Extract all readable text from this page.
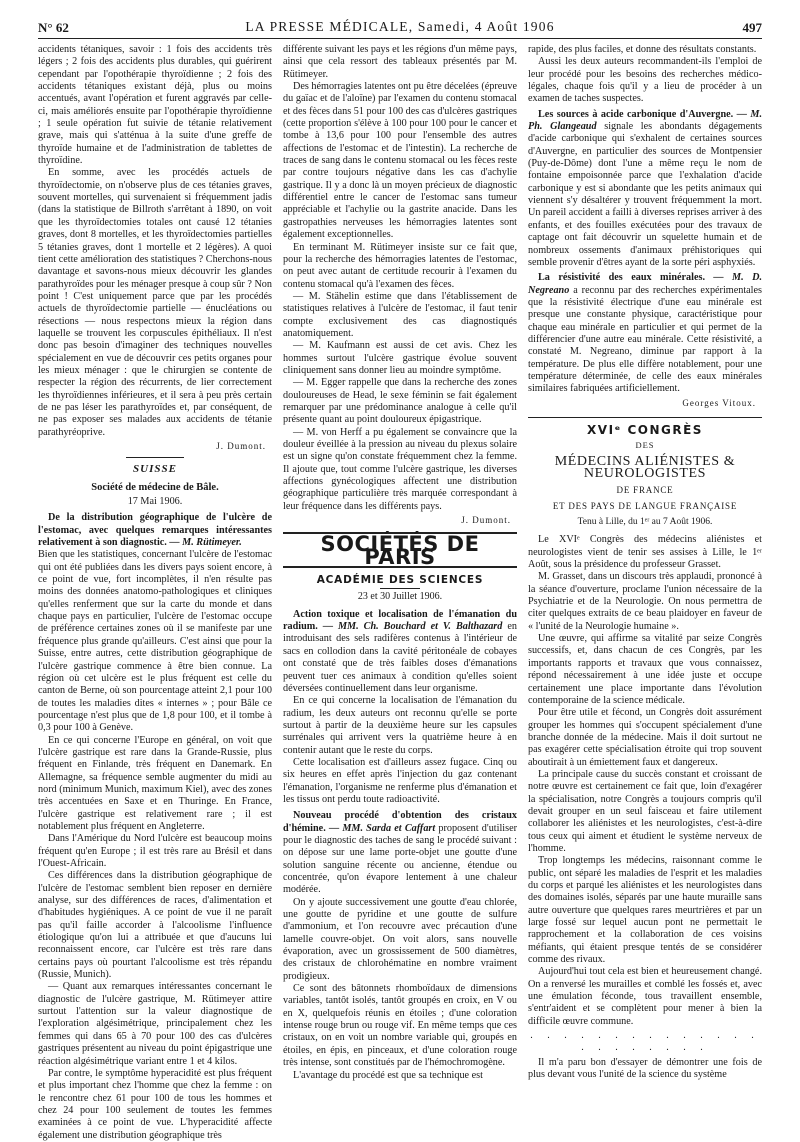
N° 62	LA PRESSE MÉDICALE, Samedi, 4 Août 1906	497

accidents tétaniques, savoir : 1 fois des accidents très légers ; 2 fois des accidents plus durables, qui guérirent cependant par l'opothérapie thyroïdienne ; 2 fois des accidents tétaniques existant déjà, plus ou moins accentués, avant l'opération et furent aggravés par celle-ci, mais améliorés ensuite par l'opothérapie thyroïdienne ; 1 seule opération fut suivie de tétanie relativement grave, mais qui s'atténua à la suite d'une greffe de thyroïde humaine et de l'administration de tablettes de thyroïdine.

En somme, avec les procédés actuels de thyroïdectomie, on n'observe plus de ces tétanies graves, souvent mortelles, qui survenaient si fréquemment jadis (dans la statistique de Billroth s'arrêtant à 1890, on voit que les thyroïdectomies totales ont causé 12 tétanies graves, dont 8 mortelles, et les thyroïdectomies partielles 5 tétanies graves, dont 1 mortelle et 2 légères). A quoi tient cette amélioration des statistiques ? Cherchons-nous davantage et savons-nous mieux découvrir les glandes parathyroïdes pour les ménager presque à coup sûr ? Non point ! C'est uniquement parce que par les procédés actuels de thyroïdectomie partielle — énucléations ou résections — nous respectons mieux la région dans laquelle se trouvent les corpuscules épithéliaux. Il n'est donc pas besoin d'imaginer des techniques nouvelles spécialement en vue de découvrir ces petits organes pour les mieux ménager : que le chirurgien se contente de respecter la région des récurrents, de lier correctement les thyroïdiennes inférieures, et il sera à peu près certain de ne pas léser les parathyroïdes et, par conséquent, de ne pas exposer ses malades aux accidents de tétanie parathyréoprive.

J. Dumont.
SUISSE
Société de médecine de Bâle.
17 Mai 1906.

De la distribution géographique de l'ulcère de l'estomac, avec quelques remarques intéressantes relativement à son diagnostic. — M. Rütimeyer.

Bien que les statistiques, concernant l'ulcère de l'estomac qui ont été publiées dans les divers pays soient encore, à ce point de vue, fort incomplètes, il n'en résulte pas moins des données anatomo-pathologiques et cliniques qu'elles renferment que sur la carte du monde et dans chaque pays en particulier, l'ulcère de l'estomac occupe de préférence certaines zones où il se manifeste par une fréquence plus grande qu'ailleurs. C'est ainsi que pour la Suisse, entre autres, cette distribution géographique de l'ulcère gastrique commence à être bien connue. La région où cet ulcère est le plus fréquent est celle du canton de Berne, où son pourcentage atteint 2,1 pour 100 de toutes les maladies dites « internes » ; pour Bâle ce pourcentage n'est plus que de 1,8 pour 100, et il tombe à 0,3 pour 100 à Genève.

En ce qui concerne l'Europe en général, on voit que l'ulcère gastrique est rare dans la Grande-Russie, plus fréquent en Finlande, très fréquent en Danemark. En Allemagne, sa fréquence semble augmenter du midi au nord (minimum Munich, maximum Kiel), avec des zones très accentuées en Saxe et en Thuringe. En France, l'ulcère gastrique est relativement rare ; il est notablement plus fréquent en Angleterre.

Dans l'Amérique du Nord l'ulcère est beaucoup moins fréquent qu'en Europe ; il est très rare au Brésil et dans l'Ouest-Africain.

Ces différences dans la distribution géographique de l'ulcère de l'estomac semblent bien reposer en dernière analyse, sur des différences de races, d'alimentation et d'habitudes hygiéniques. A ce point de vue il ne paraît pas qu'il faille accorder à l'alcoolisme l'influence étiologique qu'on lui a attribuée et que d'aucuns lui reconnaissent encore, car l'ulcère est très rare dans certains pays où pourtant l'alcoolisme est très répandu (Russie, Munich).

— Quant aux remarques intéressantes concernant le diagnostic de l'ulcère gastrique, M. Rütimeyer attire surtout l'attention sur la valeur diagnostique de l'exploration algésimétrique, principalement chez les femmes qui dans 65 à 70 pour 100 des cas d'ulcères gastriques présentent au niveau du point épigastrique une réaction algésimétrique variant entre 1 et 4 kilos.

Par contre, le symptôme hyperacidité est plus fréquent et plus important chez l'homme que chez la femme : on le rencontre chez 61 pour 100 de tous les hommes et chez 24 pour 100 seulement de toutes les femmes examinées à ce point de vue. L'hyperacidité affecte également une distribution géographique très

différente suivant les pays et les régions d'un même pays, ainsi que cela ressort des tableaux présentés par M. Rütimeyer.

Des hémorragies latentes ont pu être décelées (épreuve du gaïac et de l'aloïne) par l'examen du contenu stomacal et des fèces dans 51 pour 100 des cas d'ulcères gastriques (cette proportion s'élève à 100 pour 100 pour le cancer et tombe à 13,6 pour 100 pour l'ensemble des autres affections de l'estomac et de l'intestin). La recherche de traces de sang dans le contenu stomacal ou les fèces reste par contre toujours négative dans les cas d'achylie gastrique. Il y a donc là un moyen précieux de diagnostic différentiel entre le cancer de l'estomac sans tumeur appréciable et l'achylie ou la gastrite anacide. Dans les gastropathies nerveuses les hémorragies latentes sont également exceptionnelles.

En terminant M. Rütimeyer insiste sur ce fait que, pour la recherche des hémorragies latentes de l'estomac, on peut avec autant de certitude recourir à l'examen du contenu stomacal qu'à l'examen des fèces.

— M. Stähelin estime que dans l'établissement de statistiques relatives à l'ulcère de l'estomac, il faut tenir compte exclusivement des cas diagnostiqués anatomiquement.

— M. Kaufmann est aussi de cet avis. Chez les hommes surtout l'ulcère gastrique évolue souvent cliniquement sans donner lieu au moindre symptôme.

— M. Egger rappelle que dans la recherche des zones douloureuses de Head, le sexe féminin se fait également remarquer par une prédominance analogue à celle qu'il présente quant au point douloureux épigastrique.

— M. von Herff a pu également se convaincre que la douleur éveillée à la pression au niveau du plexus solaire est un signe qu'on constate fréquemment chez la femme. Il ajoute que, tout comme l'ulcère gastrique, les diverses affections gynécologiques affectent une distribution géographique particulière très marquée correspondant à leur fréquence dans les différents pays.

J. Dumont.
SOCIÉTÉS DE PARIS
ACADÉMIE DES SCIENCES
23 et 30 Juillet 1906.

Action toxique et localisation de l'émanation du radium. — MM. Ch. Bouchard et V. Balthazard en introduisant des sels radifères contenus à l'intérieur de sacs en collodion dans la cavité péritonéale de cobayes ont constaté que de très faibles doses d'émanations peuvent tuer ces animaux à condition qu'elles soient déversées continuellement dans leur organisme.

En ce qui concerne la localisation de l'émanation du radium, les deux auteurs ont reconnu qu'elle se porte surtout à partir de la deuxième heure sur les capsules surrénales qui arrivent vers la quatrième heure à en contenir autant que le reste du corps.

Cette localisation est d'ailleurs assez fugace. Cinq ou six heures en effet après l'injection du gaz contenant l'émanation, l'organisme ne renferme plus d'émanation et les tissus ont perdu toute radioactivité.

Nouveau procédé d'obtention des cristaux d'hémine. — MM. Sarda et Caffart proposent d'utiliser pour le diagnostic des taches de sang le procédé suivant : on dépose sur une lame porte-objet une goutte d'une solution sanguine récente ou ancienne, étendue ou concentrée, qu'on évapore lentement à une chaleur modérée.

On y ajoute successivement une goutte d'eau chlorée, une goutte de pyridine et une goutte de sulfure d'ammonium, et l'on recouvre avec précaution d'une lamelle couvre-objet. On voit alors, sans nouvelle évaporation, avec un grossissement de 500 diamètres, des cristaux de chlorohématine en nombre vraiment prodigieux.

Ce sont des bâtonnets rhomboïdaux de dimensions variables, tantôt isolés, tantôt groupés en croix, en V ou en X, quelquefois réunis en étoiles ; d'une coloration intense rouge brun ou rouge vif. En même temps que ces cristaux, on en voit un nombre variable qui, groupés en étoiles, en épis, en pinceaux, et d'une coloration rouge très intense, sont constitués par de l'hémochromogène.

L'avantage du procédé est que sa technique est

rapide, des plus faciles, et donne des résultats constants.

Aussi les deux auteurs recommandent-ils l'emploi de leur procédé pour les besoins des recherches médico-légales, chaque fois qu'il y a lieu de procéder à un examen de taches suspectes.

Les sources à acide carbonique d'Auvergne. — M. Ph. Glangeaud signale les abondants dégagements d'acide carbonique qui s'exhalent de certaines sources d'Auvergne, en particulier des sources de Montpensier (Puy-de-Dôme) dont l'une a même reçu le nom de fontaine empoisonnée parce que l'exhalation d'acide carbonique y est si abondante que les petits animaux qui viennent s'y désaltérer y trouvent fréquemment la mort. Un pareil accident a failli à diverses reprises arriver à des enfants, et des fouilles exécutées pour des travaux de captage ont fait découvrir un squelette humain et de nombreux ossements d'animaux préhistoriques qui semble provenir d'êtres ayant de la sorte péri asphyxiés.

La résistivité des eaux minérales. — M. D. Negreano a reconnu par des recherches expérimentales que la résistivité électrique d'une eau minérale est presque une constante physique, caractéristique pour chaque eau minérale en particulier et qui permet de la différencier d'une autre eau minérale. Cette résistivité, a constaté M. Negreano, diminue par rapport à la température. De plus elle diffère notablement, pour une température déterminée, de celle des eaux minérales similaires fabriquées artificiellement.

Georges Vitoux.
XVIᵉ CONGRÈS
DES
MÉDECINS ALIÉNISTES & NEUROLOGISTES
DE FRANCE
ET DES PAYS DE LANGUE FRANÇAISE
Tenu à Lille, du 1ᵉʳ au 7 Août 1906.

Le XVIᵉ Congrès des médecins aliénistes et neurologistes vient de tenir ses assises à Lille, le 1ᵉʳ Août, sous la présidence du professeur Grasset.

M. Grasset, dans un discours très applaudi, prononcé à la séance d'ouverture, proclame l'union nécessaire de la Psychiatrie et de la Neurologie. On nous permettra de citer quelques extraits de ce beau plaidoyer en faveur de « l'unité de la Neurologie humaine ».

Une œuvre, qui affirme sa vitalité par seize Congrès successifs, et, dans chacun de ces Congrès, par les importants rapports et travaux que vous connaissez, répond nécessairement à une idée juste et occupe certainement une place importante dans l'évolution contemporaine de la science médicale.

Pour être utile et fécond, un Congrès doit assurément grouper les hommes qui s'occupent spécialement d'une branche donnée de la médecine. Mais il doit surtout ne pas exagérer cette spécialisation étroite qui trop souvent aboutirait à un émiettement faux et dangereux.

La principale cause du succès constant et croissant de notre œuvre est certainement ce fait que, loin d'exagérer la spécialisation, notre Congrès a toujours compris qu'il devait grouper en un seul faisceau et faire utilement collaborer les aliénistes et les neurologistes, c'est-à-dire tous ceux qui aiment et étudient le système nerveux de l'homme.

Trop longtemps les médecins, raisonnant comme le public, ont séparé les maladies de l'esprit et les maladies du corps et parqué les aliénistes et les neurologistes dans des domaines isolés, séparés par une haute muraille sans autre ouverture que quelques rares meurtrières et par un large fossé sur lequel aucun pont ne permettait le rapprochement et la collaboration de ces voisins méfiants, qui étaient presque tentés de se considérer comme des rivaux.

Aujourd'hui tout cela est bien et heureusement changé. On a renversé les murailles et comblé les fossés et, avec une émulation féconde, tous travaillent ensemble, s'entr'aident et se complètent pour mener à bien la difficile œuvre commune.

. . . . . . . . . . . . . . . . . . . . . .

Il m'a paru bon d'essayer de démontrer une fois de plus devant vous l'unité de la science du système
